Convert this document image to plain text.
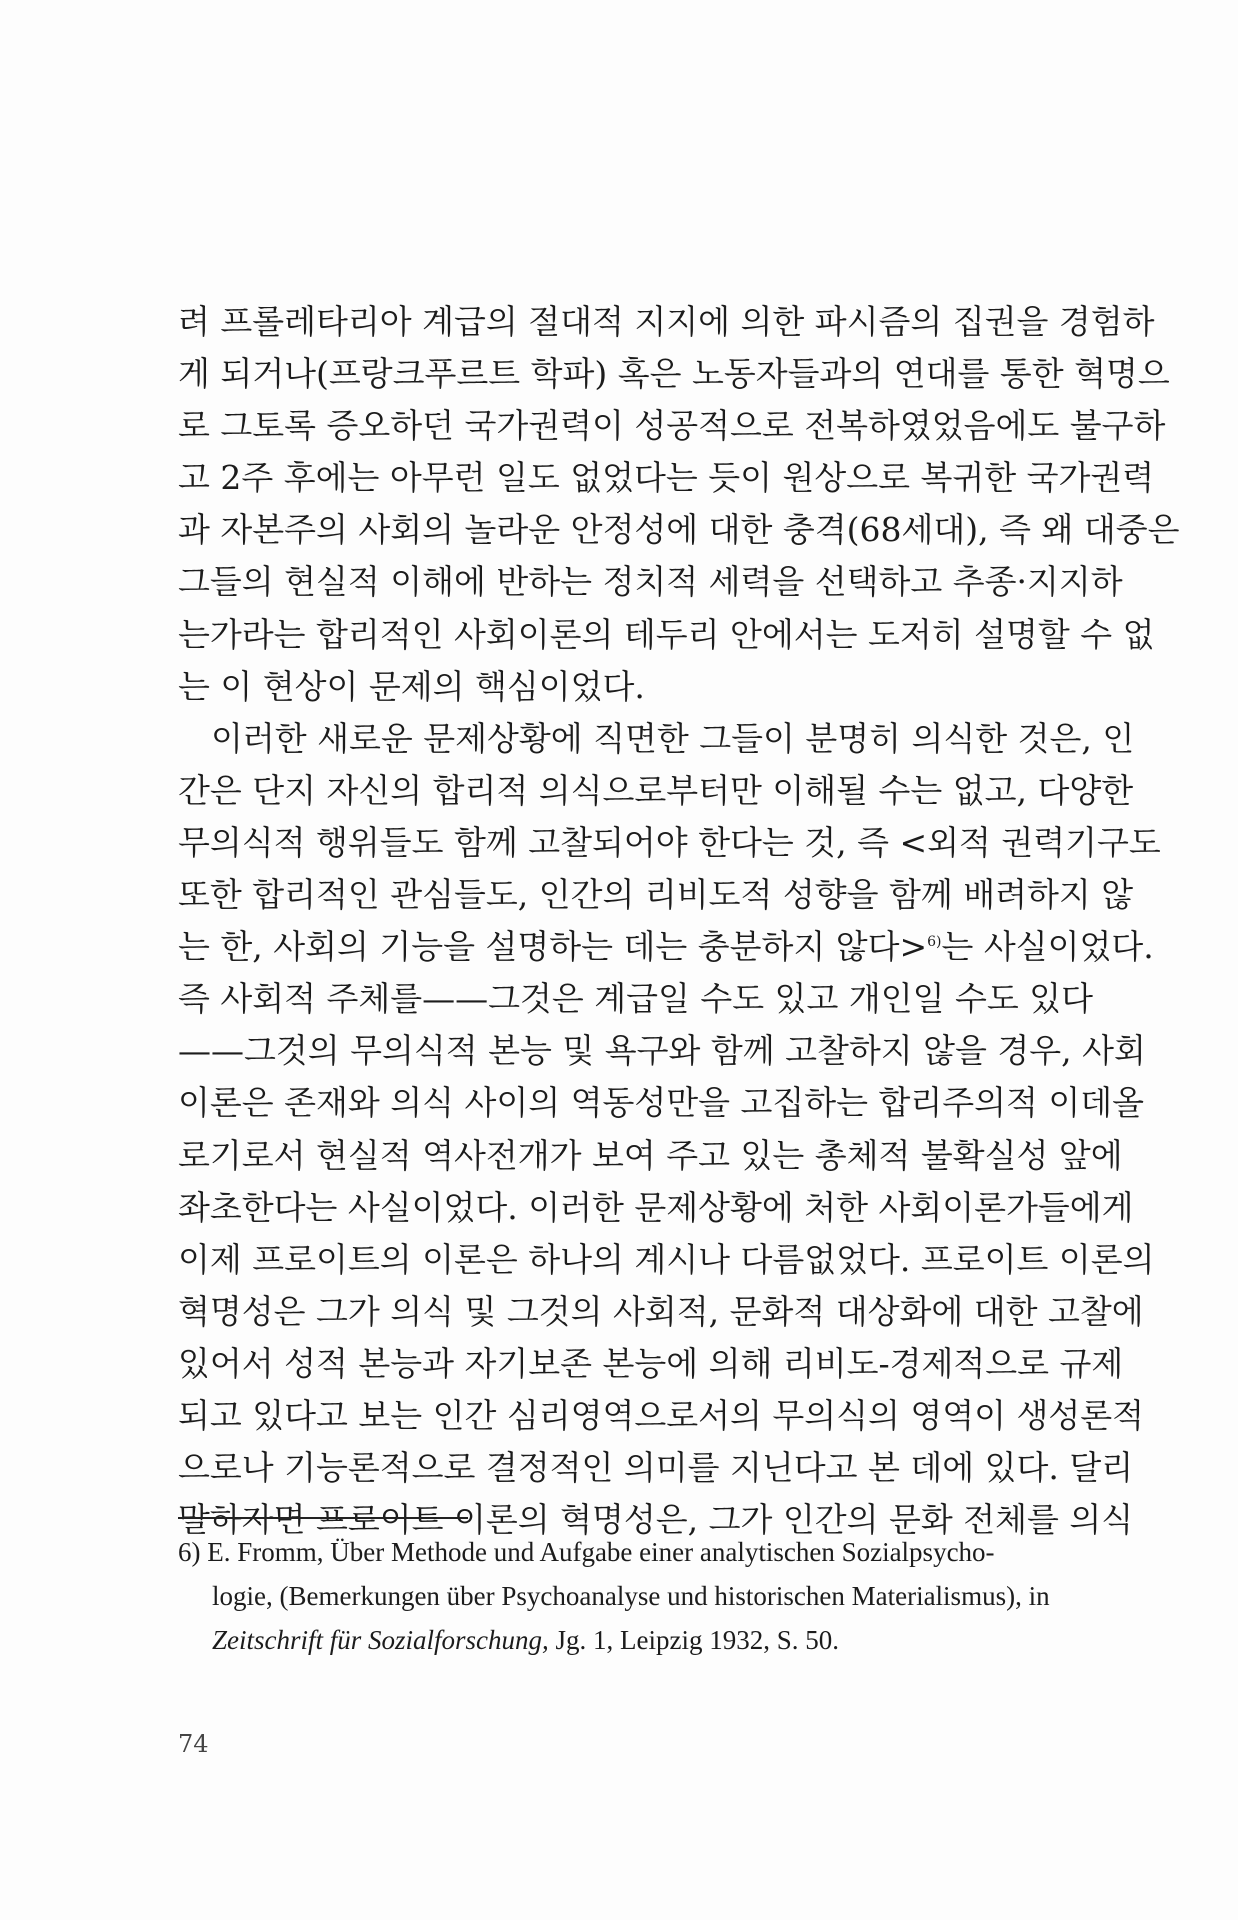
려 프롤레타리아 계급의 절대적 지지에 의한 파시즘의 집권을 경험하
게 되거나(프랑크푸르트 학파) 혹은 노동자들과의 연대를 통한 혁명으
로 그토록 증오하던 국가권력이 성공적으로 전복하였었음에도 불구하
고 2주 후에는 아무런 일도 없었다는 듯이 원상으로 복귀한 국가권력
과 자본주의 사회의 놀라운 안정성에 대한 충격(68세대), 즉 왜 대중은
그들의 현실적 이해에 반하는 정치적 세력을 선택하고 추종·지지하
는가라는 합리적인 사회이론의 테두리 안에서는 도저히 설명할 수 없
는 이 현상이 문제의 핵심이었다.
이러한 새로운 문제상황에 직면한 그들이 분명히 의식한 것은, 인
간은 단지 자신의 합리적 의식으로부터만 이해될 수는 없고, 다양한
무의식적 행위들도 함께 고찰되어야 한다는 것, 즉 <외적 권력기구도
또한 합리적인 관심들도, 인간의 리비도적 성향을 함께 배려하지 않
는 한, 사회의 기능을 설명하는 데는 충분하지 않다>$^{6)}$는 사실이었다.
즉 사회적 주체를——그것은 계급일 수도 있고 개인일 수도 있다
——그것의 무의식적 본능 및 욕구와 함께 고찰하지 않을 경우, 사회
이론은 존재와 의식 사이의 역동성만을 고집하는 합리주의적 이데올
로기로서 현실적 역사전개가 보여 주고 있는 총체적 불확실성 앞에
좌초한다는 사실이었다. 이러한 문제상황에 처한 사회이론가들에게
이제 프로이트의 이론은 하나의 계시나 다름없었다. 프로이트 이론의
혁명성은 그가 의식 및 그것의 사회적, 문화적 대상화에 대한 고찰에
있어서 성적 본능과 자기보존 본능에 의해 리비도-경제적으로 규제
되고 있다고 보는 인간 심리영역으로서의 무의식의 영역이 생성론적
으로나 기능론적으로 결정적인 의미를 지닌다고 본 데에 있다. 달리
말하자면 프로이트 이론의 혁명성은, 그가 인간의 문화 전체를 의식
6) E. Fromm, Über Methode und Aufgabe einer analytischen Sozialpsycho-
logie, (Bemerkungen über Psychoanalyse und historischen Materialismus), in
Zeitschrift für Sozialforschung, Jg. 1, Leipzig 1932, S. 50.
74
